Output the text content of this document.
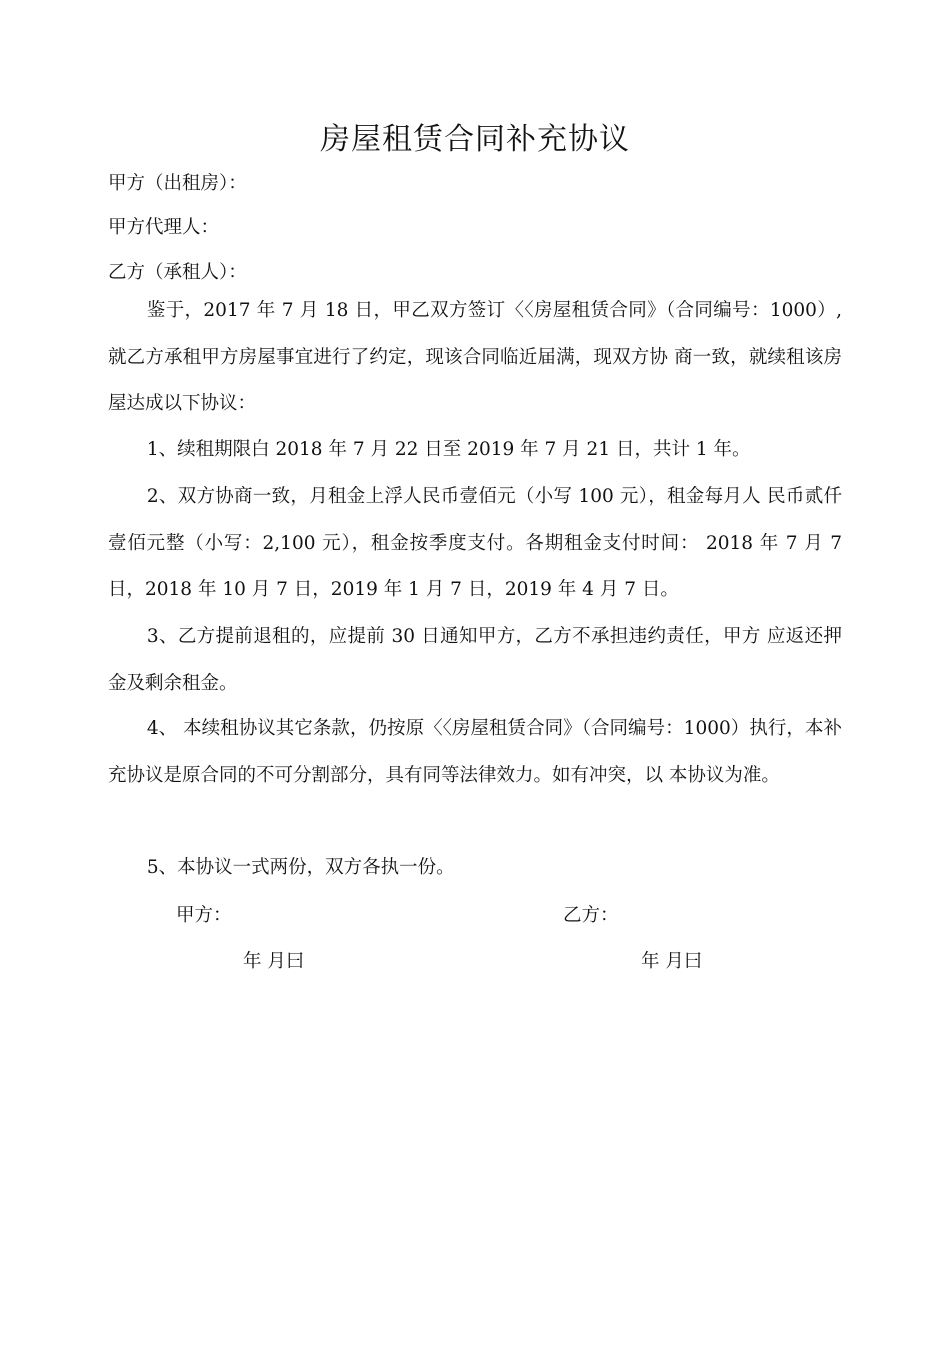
房屋租赁合同补充协议
甲方（出租房）：
甲方代理人：
乙方（承租人）：

鉴于，2017 年 7 月 18 日，甲乙双方签订〈〈房屋租赁合同》（合同编号：1000）,就乙方承租甲方房屋事宜进行了约定，现该合同临近届满，现双方协 商一致，就续租该房屋达成以下协议：

1、续租期限白 2018 年 7 月 22 日至 2019 年 7 月 21 日，共计 1 年。

2、双方协商一致，月租金上浮人民币壹佰元（小写 100 元），租金每月人 民币贰仟壹佰元整（小写：2,100 元），租金按季度支付。各期租金支付时间： 2018 年 7 月 7 日，2018 年 10 月 7 日，2019 年 1 月 7 日，2019 年 4 月 7 日。

3、乙方提前退租的，应提前 30 日通知甲方，乙方不承担违约责任，甲方 应返还押金及剩余租金。

4、 本续租协议其它条款，仍按原〈〈房屋租赁合同》（合同编号：1000）执行，本补充协议是原合同的不可分割部分，具有同等法律效力。如有冲突，以 本协议为准。

5、本协议一式两份，双方各执一份。

甲方：	乙方：
年 月曰	年 月曰
